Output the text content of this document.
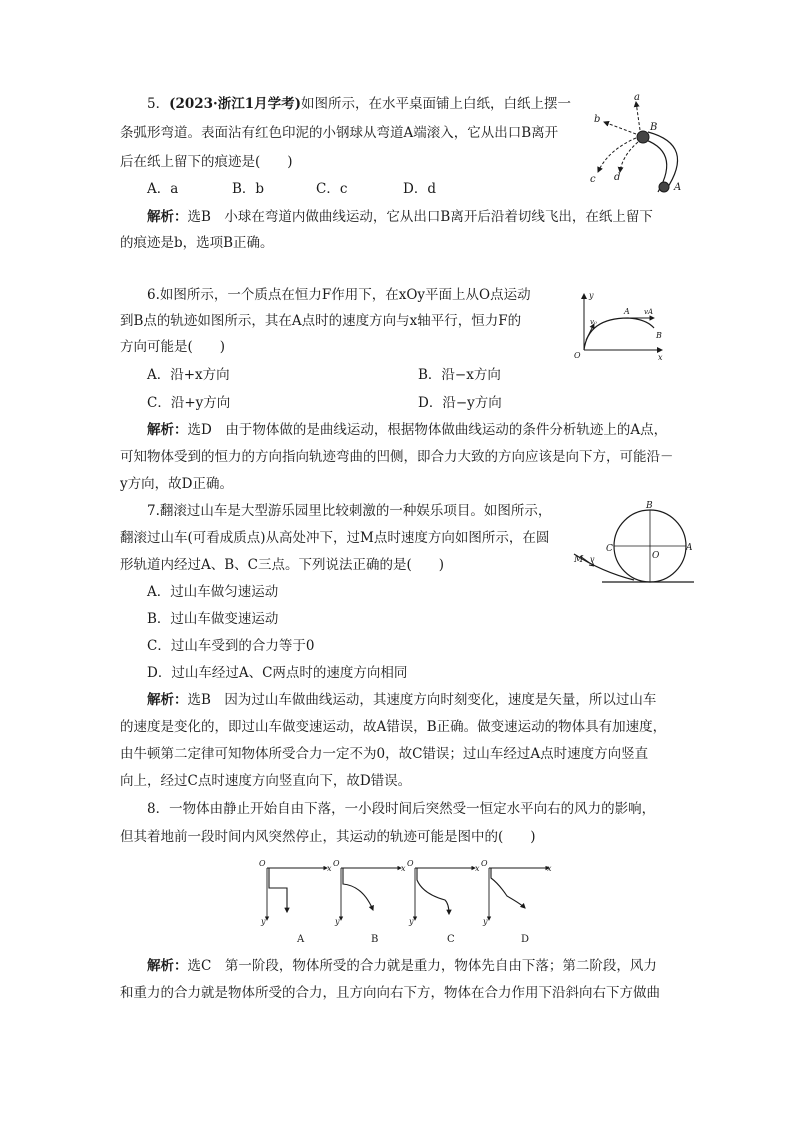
5．(2023·浙江1月学考)如图所示，在水平桌面铺上白纸，白纸上摆一
条弧形弯道。表面沾有红色印泥的小钢球从弯道A端滚入，它从出口B离开
后在纸上留下的痕迹是(　　)
A．a	B．b	C．c	D．d
解析：选B　小球在弯道内做曲线运动，它从出口B离开后沿着切线飞出，在纸上留下
的痕迹是b，选项B正确。
a
b
c d
B
A
6.如图所示，一个质点在恒力F作用下，在xOy平面上从O点运动
到B点的轨迹如图所示，其在A点时的速度方向与x轴平行，恒力F的
方向可能是(　　)
A．沿+x方向	B．沿−x方向
C．沿+y方向	D．沿−y方向
解析：选D　由于物体做的是曲线运动，根据物体做曲线运动的条件分析轨迹上的A点，
可知物体受到的恒力的方向指向轨迹弯曲的凹侧，即合力大致的方向应该是向下方，可能沿－
y方向，故D正确。
y
x
O
v₀
A vA
B
7.翻滚过山车是大型游乐园里比较刺激的一种娱乐项目。如图所示，
翻滚过山车(可看成质点)从高处冲下，过M点时速度方向如图所示，在圆
形轨道内经过A、B、C三点。下列说法正确的是(　　)
A．过山车做匀速运动
B．过山车做变速运动
C．过山车受到的合力等于0
D．过山车经过A、C两点时的速度方向相同
解析：选B　因为过山车做曲线运动，其速度方向时刻变化，速度是矢量，所以过山车
的速度是变化的，即过山车做变速运动，故A错误，B正确。做变速运动的物体具有加速度，
由牛顿第二定律可知物体所受合力一定不为0，故C错误；过山车经过A点时速度方向竖直
向上，经过C点时速度方向竖直向下，故D错误。
B
C
O
A
M v
8．一物体由静止开始自由下落，一小段时间后突然受一恒定水平向右的风力的影响，
但其着地前一段时间内风突然停止，其运动的轨迹可能是图中的(　　)
O
x
y
A
O
x
y
B
O
x
y
C
O
x
y
D
解析：选C　第一阶段，物体所受的合力就是重力，物体先自由下落；第二阶段，风力
和重力的合力就是物体所受的合力，且方向向右下方，物体在合力作用下沿斜向右下方做曲
